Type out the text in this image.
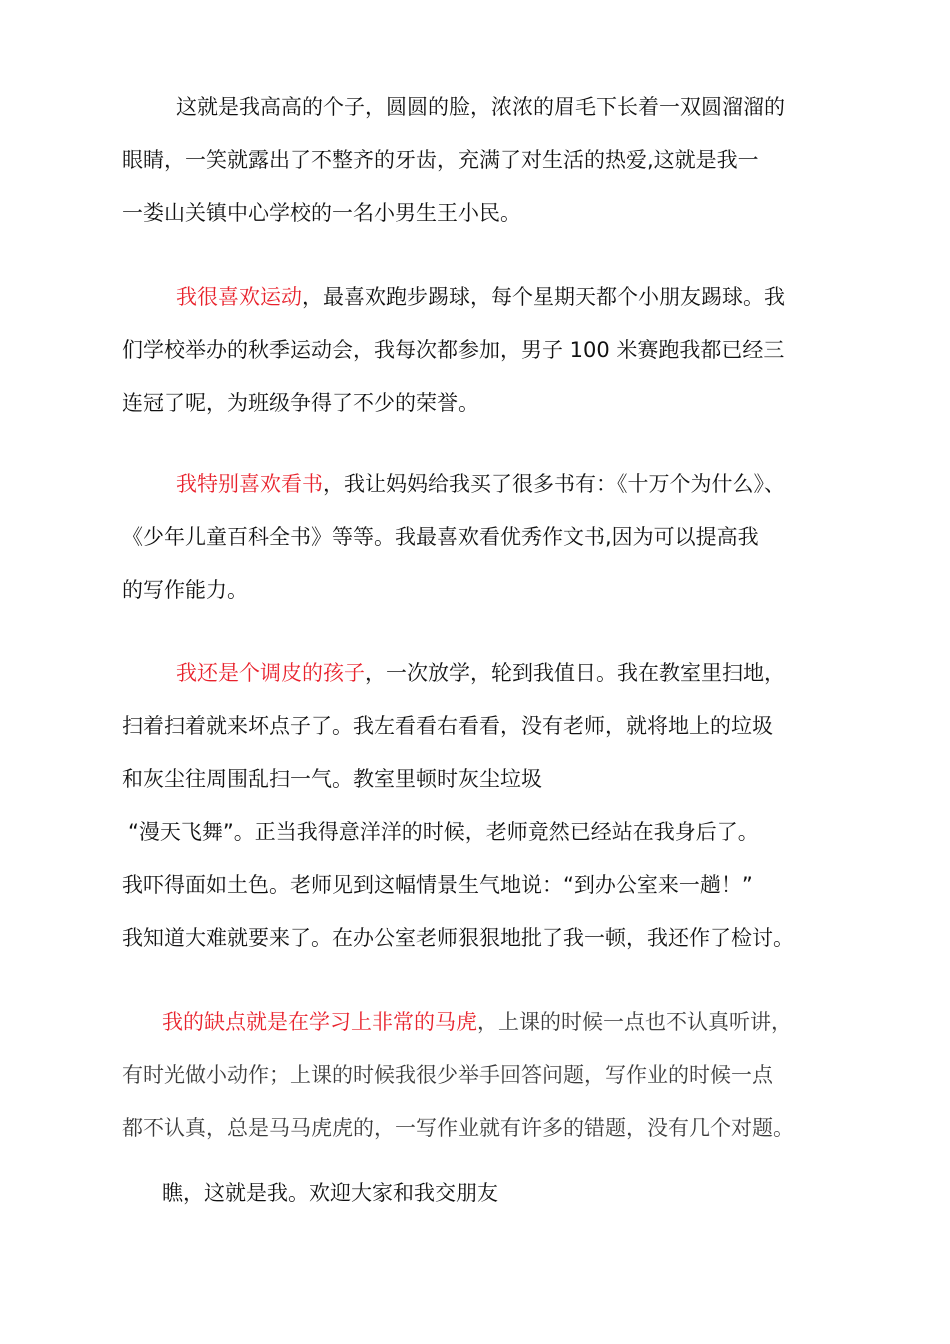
这就是我高高的个子，圆圆的脸，浓浓的眉毛下长着一双圆溜溜的
眼睛，一笑就露出了不整齐的牙齿，充满了对生活的热爱,这就是我一
一娄山关镇中心学校的一名小男生王小民。
我很喜欢运动，最喜欢跑步踢球，每个星期天都个小朋友踢球。我
们学校举办的秋季运动会，我每次都参加，男子 100 米赛跑我都已经三
连冠了呢，为班级争得了不少的荣誉。
我特别喜欢看书，我让妈妈给我买了很多书有：《十万个为什么》、
《少年儿童百科全书》等等。我最喜欢看优秀作文书,因为可以提高我
的写作能力。
我还是个调皮的孩子，一次放学，轮到我值日。我在教室里扫地，
扫着扫着就来坏点子了。我左看看右看看，没有老师，就将地上的垃圾
和灰尘往周围乱扫一气。教室里顿时灰尘垃圾
“漫天飞舞”。正当我得意洋洋的时候，老师竟然已经站在我身后了。
我吓得面如土色。老师见到这幅情景生气地说：“到办公室来一趟！”
我知道大难就要来了。在办公室老师狠狠地批了我一顿，我还作了检讨。
我的缺点就是在学习上非常的马虎，上课的时候一点也不认真听讲，
有时光做小动作；上课的时候我很少举手回答问题，写作业的时候一点
都不认真，总是马马虎虎的，一写作业就有许多的错题，没有几个对题。
瞧，这就是我。欢迎大家和我交朋友
